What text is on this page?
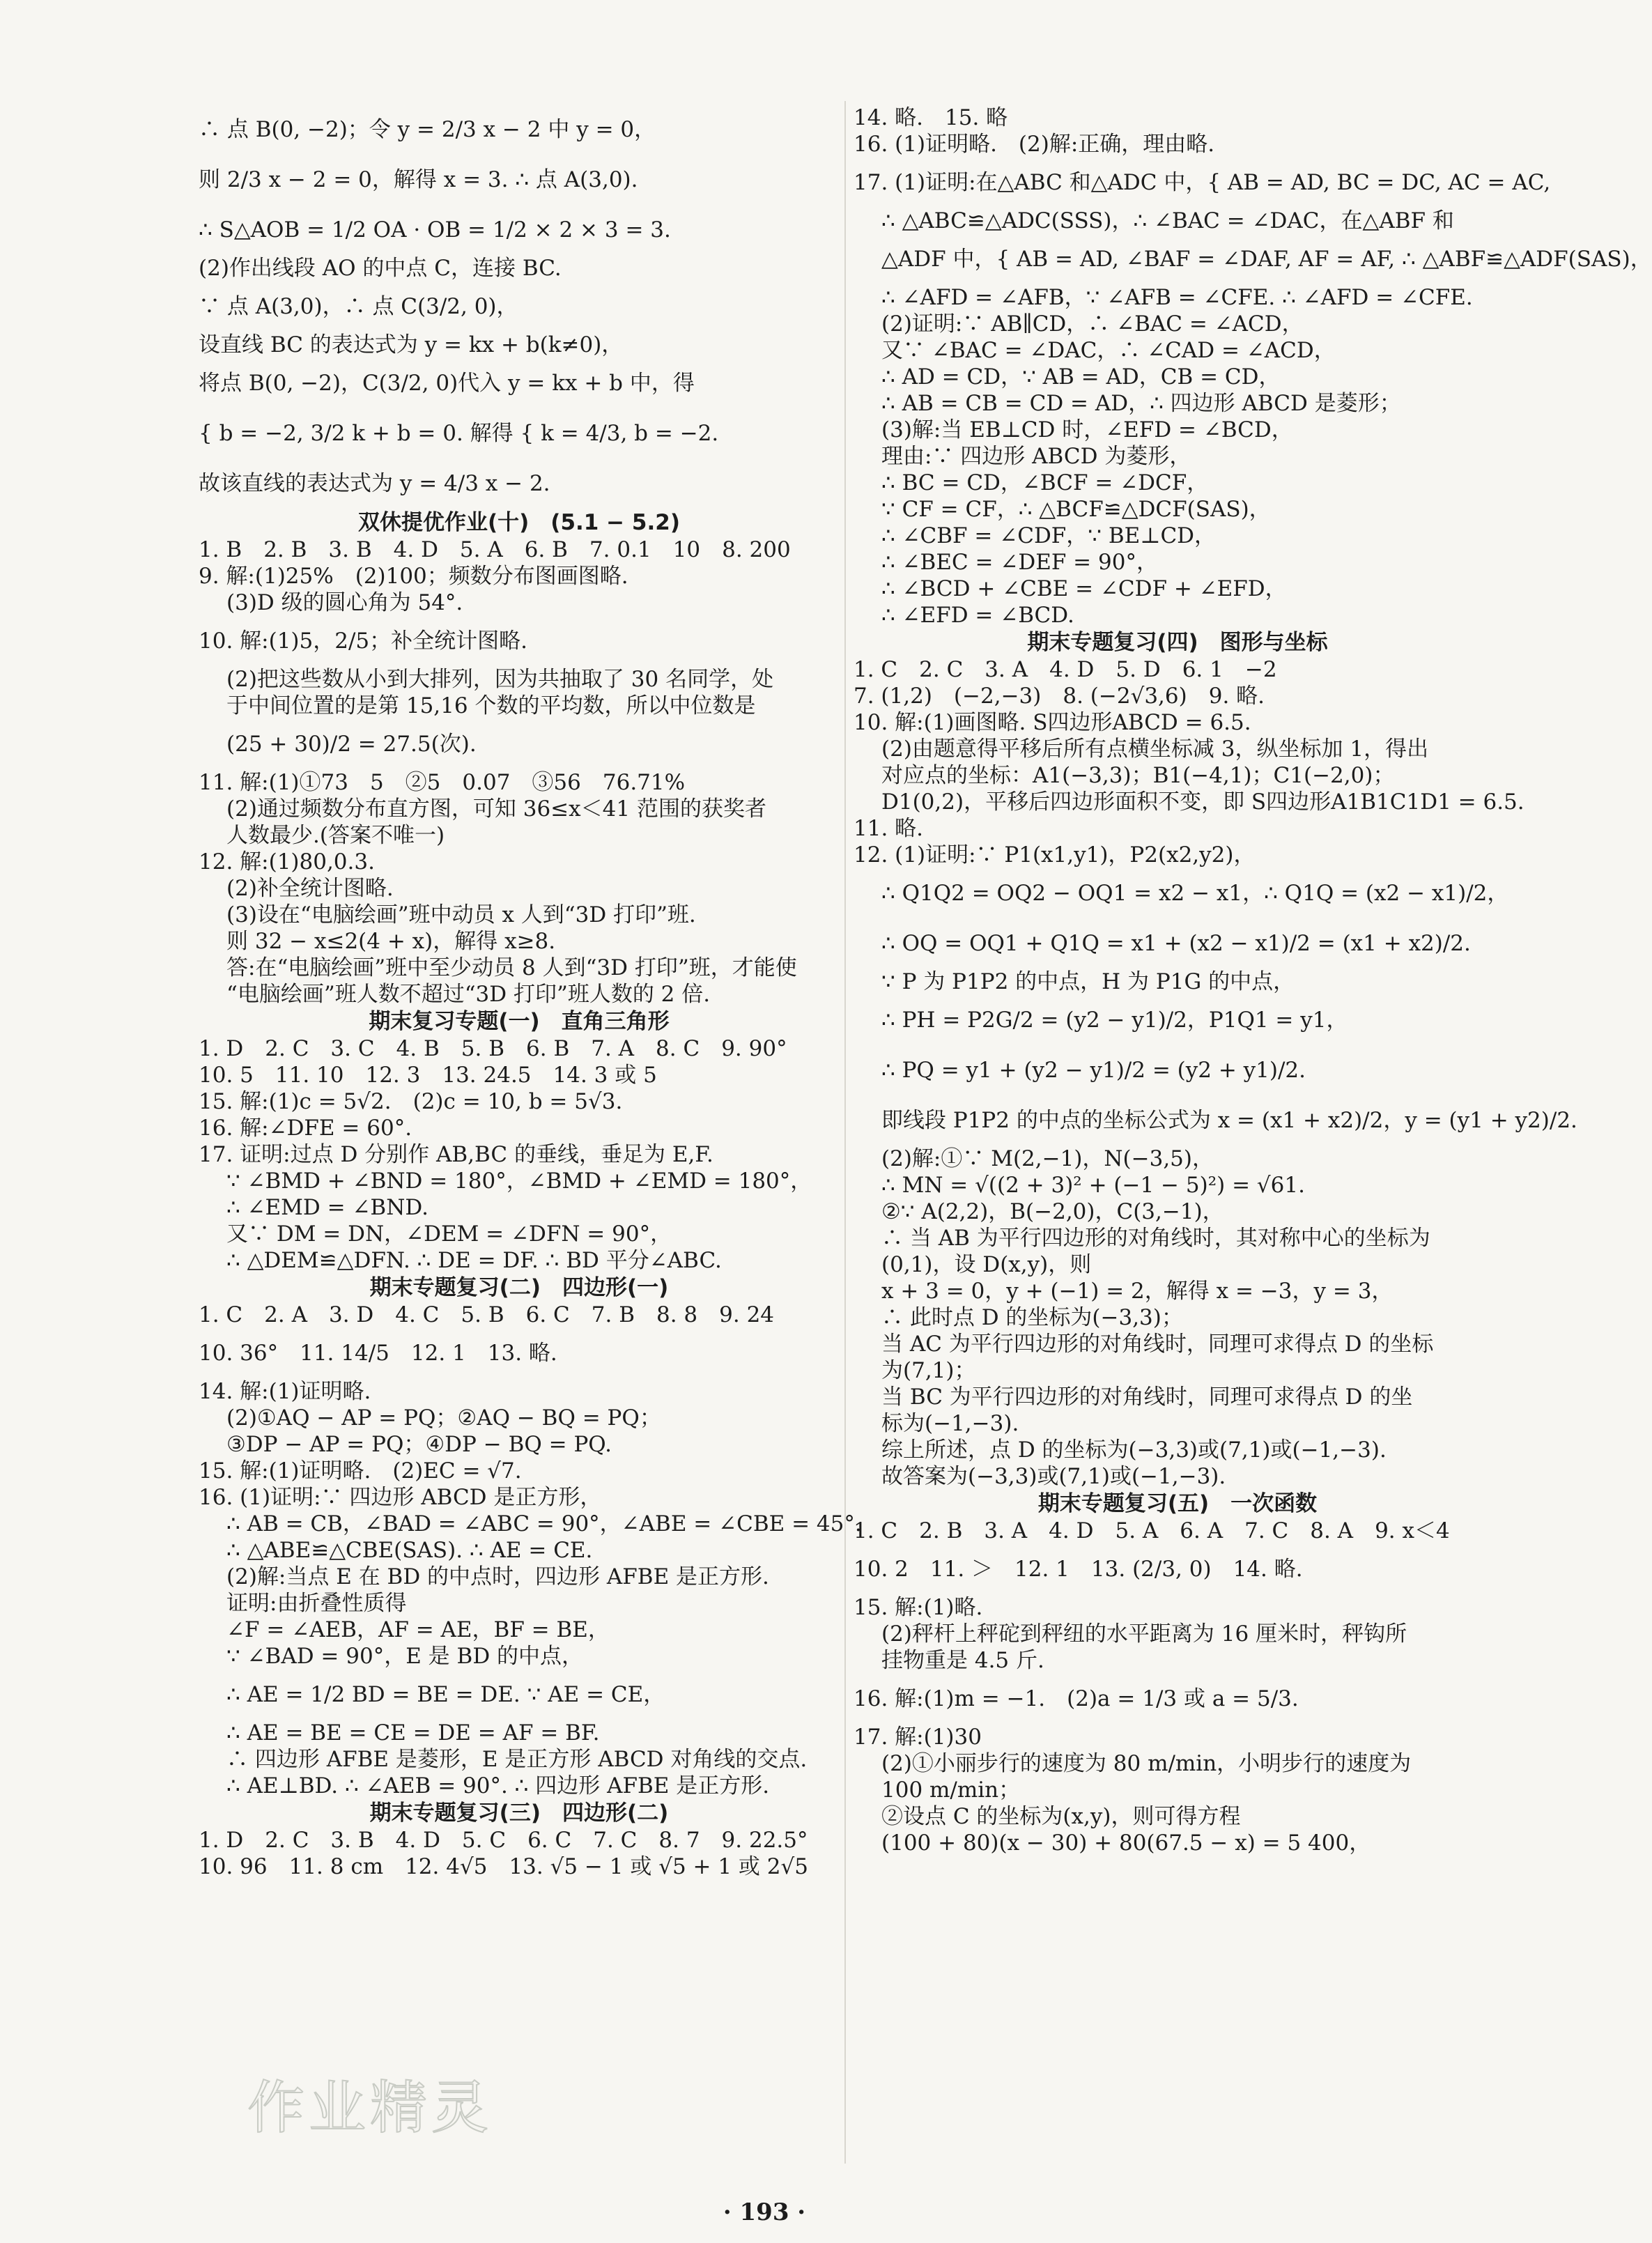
∴ 点 B(0, −2)；令 y = 2/3 x − 2 中 y = 0，
则 2/3 x − 2 = 0，解得 x = 3. ∴ 点 A(3,0).
∴ S△AOB = 1/2 OA · OB = 1/2 × 2 × 3 = 3.
(2)作出线段 AO 的中点 C，连接 BC.
∵ 点 A(3,0)，∴ 点 C(3/2, 0)，
设直线 BC 的表达式为 y = kx + b(k≠0)，
将点 B(0, −2)，C(3/2, 0)代入 y = kx + b 中，得
{ b = −2, 3/2 k + b = 0. 解得 { k = 4/3, b = −2.
故该直线的表达式为 y = 4/3 x − 2.
双休提优作业(十)　(5.1 − 5.2)
1. B　2. B　3. B　4. D　5. A　6. B　7. 0.1　10　8. 200
9. 解:(1)25%　(2)100；频数分布图画图略.
(3)D 级的圆心角为 54°.
10. 解:(1)5，2/5；补全统计图略.
(2)把这些数从小到大排列，因为共抽取了 30 名同学，处
于中间位置的是第 15,16 个数的平均数，所以中位数是
(25 + 30)/2 = 27.5(次).
11. 解:(1)①73　5　②5　0.07　③56　76.71%
(2)通过频数分布直方图，可知 36≤x＜41 范围的获奖者
人数最少.(答案不唯一)
12. 解:(1)80,0.3.
(2)补全统计图略.
(3)设在“电脑绘画”班中动员 x 人到“3D 打印”班.
则 32 − x≤2(4 + x)，解得 x≥8.
答:在“电脑绘画”班中至少动员 8 人到“3D 打印”班，才能使
“电脑绘画”班人数不超过“3D 打印”班人数的 2 倍.
期末复习专题(一)　直角三角形
1. D　2. C　3. C　4. B　5. B　6. B　7. A　8. C　9. 90°
10. 5　11. 10　12. 3　13. 24.5　14. 3 或 5
15. 解:(1)c = 5√2.　(2)c = 10, b = 5√3.
16. 解:∠DFE = 60°.
17. 证明:过点 D 分别作 AB,BC 的垂线，垂足为 E,F.
∵ ∠BMD + ∠BND = 180°，∠BMD + ∠EMD = 180°，
∴ ∠EMD = ∠BND.
又∵ DM = DN，∠DEM = ∠DFN = 90°，
∴ △DEM≌△DFN. ∴ DE = DF. ∴ BD 平分∠ABC.
期末专题复习(二)　四边形(一)
1. C　2. A　3. D　4. C　5. B　6. C　7. B　8. 8　9. 24
10. 36°　11. 14/5　12. 1　13. 略.
14. 解:(1)证明略.
(2)①AQ − AP = PQ；②AQ − BQ = PQ；
③DP − AP = PQ；④DP − BQ = PQ.
15. 解:(1)证明略.　(2)EC = √7.
16. (1)证明:∵ 四边形 ABCD 是正方形，
∴ AB = CB，∠BAD = ∠ABC = 90°，∠ABE = ∠CBE = 45°.
∴ △ABE≌△CBE(SAS). ∴ AE = CE.
(2)解:当点 E 在 BD 的中点时，四边形 AFBE 是正方形.
证明:由折叠性质得
∠F = ∠AEB，AF = AE，BF = BE，
∵ ∠BAD = 90°，E 是 BD 的中点，
∴ AE = 1/2 BD = BE = DE. ∵ AE = CE，
∴ AE = BE = CE = DE = AF = BF.
∴ 四边形 AFBE 是菱形，E 是正方形 ABCD 对角线的交点.
∴ AE⊥BD. ∴ ∠AEB = 90°. ∴ 四边形 AFBE 是正方形.
期末专题复习(三)　四边形(二)
1. D　2. C　3. B　4. D　5. C　6. C　7. C　8. 7　9. 22.5°
10. 96　11. 8 cm　12. 4√5　13. √5 − 1 或 √5 + 1 或 2√5
14. 略.　15. 略
16. (1)证明略.　(2)解:正确，理由略.
17. (1)证明:在△ABC 和△ADC 中，{ AB = AD, BC = DC, AC = AC,
∴ △ABC≌△ADC(SSS)，∴ ∠BAC = ∠DAC，在△ABF 和
△ADF 中，{ AB = AD, ∠BAF = ∠DAF, AF = AF, ∴ △ABF≌△ADF(SAS)，
∴ ∠AFD = ∠AFB，∵ ∠AFB = ∠CFE. ∴ ∠AFD = ∠CFE.
(2)证明:∵ AB∥CD，∴ ∠BAC = ∠ACD，
又∵ ∠BAC = ∠DAC，∴ ∠CAD = ∠ACD，
∴ AD = CD，∵ AB = AD，CB = CD，
∴ AB = CB = CD = AD，∴ 四边形 ABCD 是菱形；
(3)解:当 EB⊥CD 时，∠EFD = ∠BCD，
理由:∵ 四边形 ABCD 为菱形，
∴ BC = CD，∠BCF = ∠DCF，
∵ CF = CF，∴ △BCF≌△DCF(SAS)，
∴ ∠CBF = ∠CDF，∵ BE⊥CD，
∴ ∠BEC = ∠DEF = 90°，
∴ ∠BCD + ∠CBE = ∠CDF + ∠EFD，
∴ ∠EFD = ∠BCD.
期末专题复习(四)　图形与坐标
1. C　2. C　3. A　4. D　5. D　6. 1　−2
7. (1,2)　(−2,−3)　8. (−2√3,6)　9. 略.
10. 解:(1)画图略. S四边形ABCD = 6.5.
(2)由题意得平移后所有点横坐标减 3，纵坐标加 1，得出
对应点的坐标：A1(−3,3)；B1(−4,1)；C1(−2,0)；
D1(0,2)，平移后四边形面积不变，即 S四边形A1B1C1D1 = 6.5.
11. 略.
12. (1)证明:∵ P1(x1,y1)，P2(x2,y2)，
∴ Q1Q2 = OQ2 − OQ1 = x2 − x1，∴ Q1Q = (x2 − x1)/2，
∴ OQ = OQ1 + Q1Q = x1 + (x2 − x1)/2 = (x1 + x2)/2.
∵ P 为 P1P2 的中点，H 为 P1G 的中点，
∴ PH = P2G/2 = (y2 − y1)/2，P1Q1 = y1，
∴ PQ = y1 + (y2 − y1)/2 = (y2 + y1)/2.
即线段 P1P2 的中点的坐标公式为 x = (x1 + x2)/2，y = (y1 + y2)/2.
(2)解:①∵ M(2,−1)，N(−3,5)，
∴ MN = √((2 + 3)² + (−1 − 5)²) = √61.
②∵ A(2,2)，B(−2,0)，C(3,−1)，
∴ 当 AB 为平行四边形的对角线时，其对称中心的坐标为
(0,1)，设 D(x,y)，则
x + 3 = 0，y + (−1) = 2，解得 x = −3，y = 3，
∴ 此时点 D 的坐标为(−3,3)；
当 AC 为平行四边形的对角线时，同理可求得点 D 的坐标
为(7,1)；
当 BC 为平行四边形的对角线时，同理可求得点 D 的坐
标为(−1,−3).
综上所述，点 D 的坐标为(−3,3)或(7,1)或(−1,−3).
故答案为(−3,3)或(7,1)或(−1,−3).
期末专题复习(五)　一次函数
1. C　2. B　3. A　4. D　5. A　6. A　7. C　8. A　9. x＜4
10. 2　11. ＞　12. 1　13. (2/3, 0)　14. 略.
15. 解:(1)略.
(2)秤杆上秤砣到秤纽的水平距离为 16 厘米时，秤钩所
挂物重是 4.5 斤.
16. 解:(1)m = −1.　(2)a = 1/3 或 a = 5/3.
17. 解:(1)30
(2)①小丽步行的速度为 80 m/min，小明步行的速度为
100 m/min；
②设点 C 的坐标为(x,y)，则可得方程
(100 + 80)(x − 30) + 80(67.5 − x) = 5 400，
· 193 ·
作业精灵
